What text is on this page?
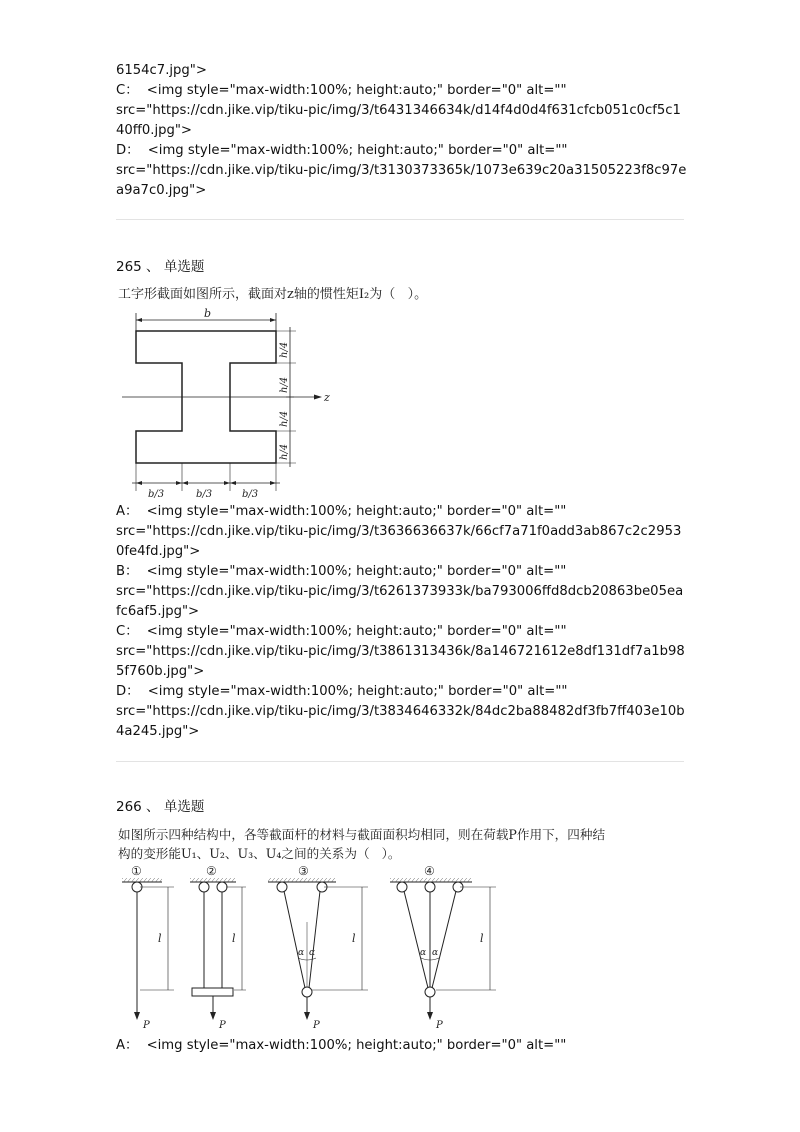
6154c7.jpg">
C：  <img style="max-width:100%; height:auto;" border="0" alt=""
src="https://cdn.jike.vip/tiku-pic/img/3/t6431346634k/d14f4d0d4f631cfcb051c0cf5c1
40ff0.jpg">
D：  <img style="max-width:100%; height:auto;" border="0" alt=""
src="https://cdn.jike.vip/tiku-pic/img/3/t3130373365k/1073e639c20a31505223f8c97e
a9a7c0.jpg">
265 、 单选题
工字形截面如图所示，截面对z轴的惯性矩I₂为（   ）。
b
z
h/4
h/4
h/4
h/4
b/3	b/3	b/3
A：  <img style="max-width:100%; height:auto;" border="0" alt=""
src="https://cdn.jike.vip/tiku-pic/img/3/t3636636637k/66cf7a71f0add3ab867c2c2953
0fe4fd.jpg">
B：  <img style="max-width:100%; height:auto;" border="0" alt=""
src="https://cdn.jike.vip/tiku-pic/img/3/t6261373933k/ba793006ffd8dcb20863be05ea
fc6af5.jpg">
C：  <img style="max-width:100%; height:auto;" border="0" alt=""
src="https://cdn.jike.vip/tiku-pic/img/3/t3861313436k/8a146721612e8df131df7a1b98
5f760b.jpg">
D：  <img style="max-width:100%; height:auto;" border="0" alt=""
src="https://cdn.jike.vip/tiku-pic/img/3/t3834646332k/84dc2ba88482df3fb7ff403e10b
4a245.jpg">
266 、 单选题
如图所示四种结构中，各等截面杆的材料与截面面积均相同，则在荷载P作用下，四种结
构的变形能U₁、U₂、U₃、U₄之间的关系为（   ）。
①
P
l
②
P
l
③
α α
P
l
④
α α
P
l
A：  <img style="max-width:100%; height:auto;" border="0" alt=""
